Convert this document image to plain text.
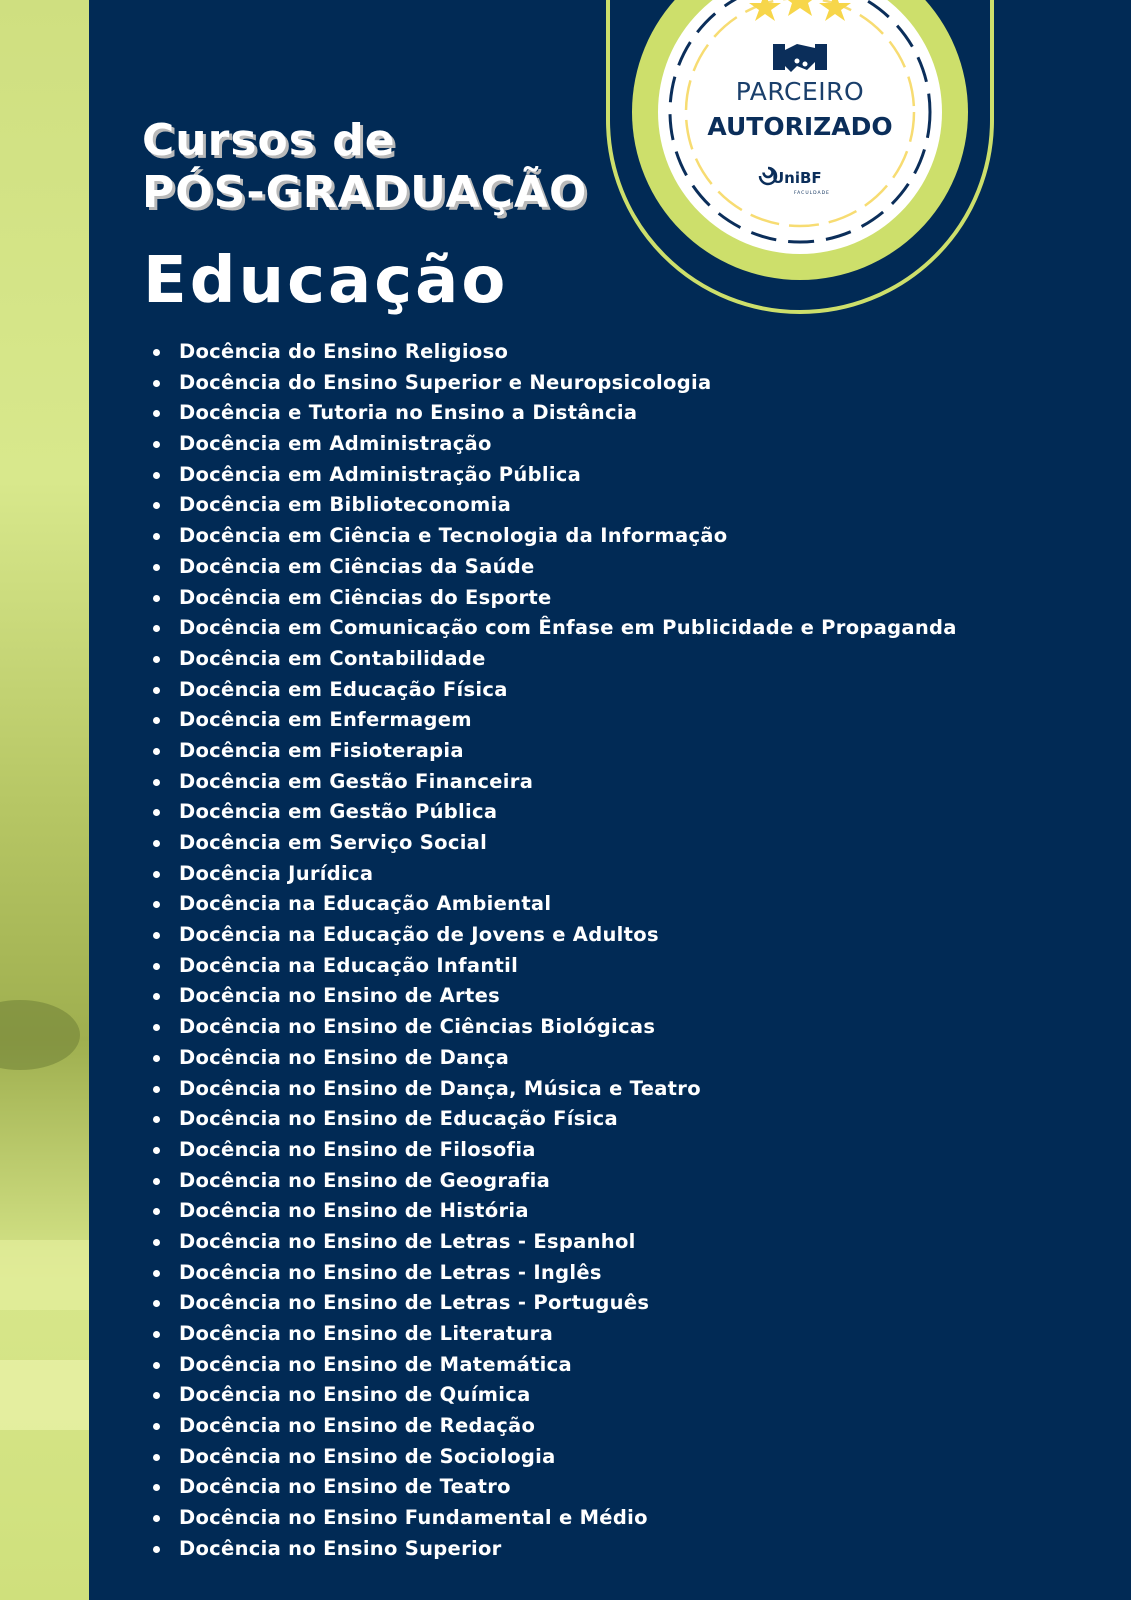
Cursos de
PÓS-GRADUAÇÃO
Educação
PARCEIRO
AUTORIZADO
UniBF
FACULDADE
Docência do Ensino Religioso
Docência do Ensino Superior e Neuropsicologia
Docência e Tutoria no Ensino a Distância
Docência em Administração
Docência em Administração Pública
Docência em Biblioteconomia
Docência em Ciência e Tecnologia da Informação
Docência em Ciências da Saúde
Docência em Ciências do Esporte
Docência em Comunicação com Ênfase em Publicidade e Propaganda
Docência em Contabilidade
Docência em Educação Física
Docência em Enfermagem
Docência em Fisioterapia
Docência em Gestão Financeira
Docência em Gestão Pública
Docência em Serviço Social
Docência Jurídica
Docência na Educação Ambiental
Docência na Educação de Jovens e Adultos
Docência na Educação Infantil
Docência no Ensino de Artes
Docência no Ensino de Ciências Biológicas
Docência no Ensino de Dança
Docência no Ensino de Dança, Música e Teatro
Docência no Ensino de Educação Física
Docência no Ensino de Filosofia
Docência no Ensino de Geografia
Docência no Ensino de História
Docência no Ensino de Letras - Espanhol
Docência no Ensino de Letras - Inglês
Docência no Ensino de Letras - Português
Docência no Ensino de Literatura
Docência no Ensino de Matemática
Docência no Ensino de Química
Docência no Ensino de Redação
Docência no Ensino de Sociologia
Docência no Ensino de Teatro
Docência no Ensino Fundamental e Médio
Docência no Ensino Superior
